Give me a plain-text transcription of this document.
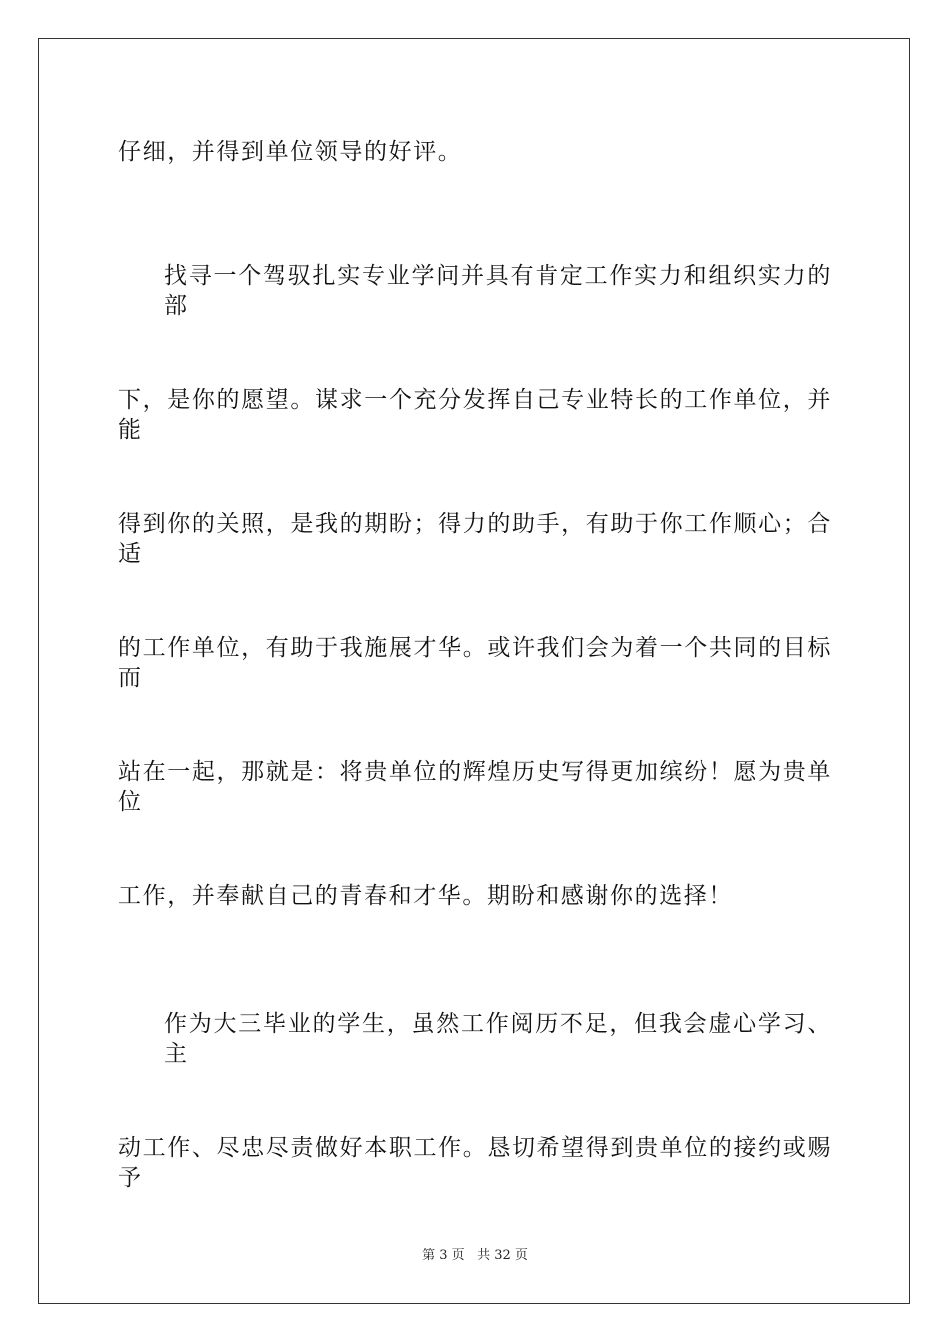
仔细，并得到单位领导的好评。
找寻一个驾驭扎实专业学问并具有肯定工作实力和组织实力的部
下，是你的愿望。谋求一个充分发挥自己专业特长的工作单位，并能
得到你的关照，是我的期盼；得力的助手，有助于你工作顺心；合适
的工作单位，有助于我施展才华。或许我们会为着一个共同的目标而
站在一起，那就是：将贵单位的辉煌历史写得更加缤纷！愿为贵单位
工作，并奉献自己的青春和才华。期盼和感谢你的选择！
作为大三毕业的学生，虽然工作阅历不足，但我会虚心学习、主
动工作、尽忠尽责做好本职工作。恳切希望得到贵单位的接约或赐予
第 3 页 共 32 页
